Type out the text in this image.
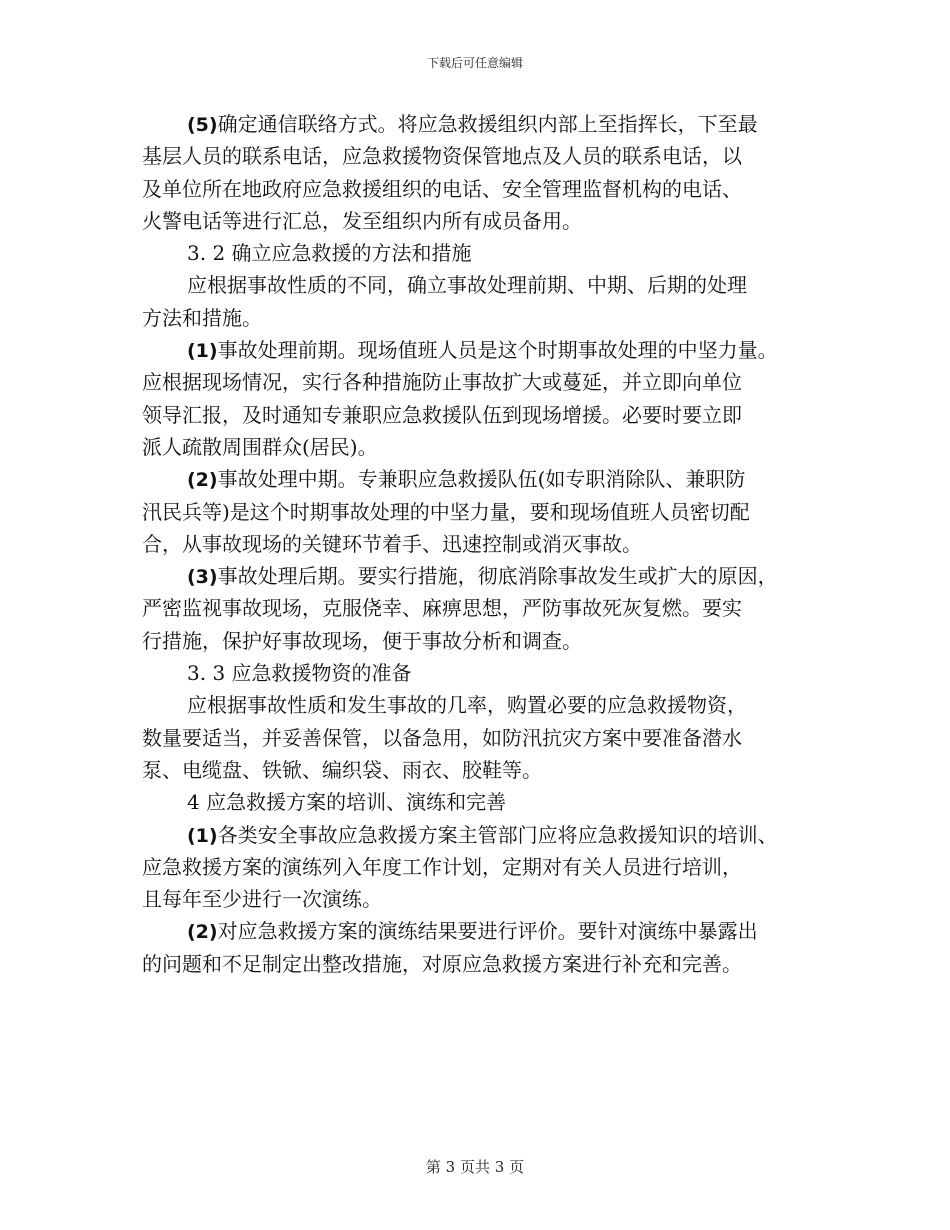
下载后可任意编辑
(5)确定通信联络方式。将应急救援组织内部上至指挥长，下至最
基层人员的联系电话，应急救援物资保管地点及人员的联系电话，以
及单位所在地政府应急救援组织的电话、安全管理监督机构的电话、
火警电话等进行汇总，发至组织内所有成员备用。
3. 2 确立应急救援的方法和措施
应根据事故性质的不同，确立事故处理前期、中期、后期的处理
方法和措施。
(1)事故处理前期。现场值班人员是这个时期事故处理的中坚力量。
应根据现场情况，实行各种措施防止事故扩大或蔓延，并立即向单位
领导汇报，及时通知专兼职应急救援队伍到现场增援。必要时要立即
派人疏散周围群众(居民)。
(2)事故处理中期。专兼职应急救援队伍(如专职消除队、兼职防
汛民兵等)是这个时期事故处理的中坚力量，要和现场值班人员密切配
合，从事故现场的关键环节着手、迅速控制或消灭事故。
(3)事故处理后期。要实行措施，彻底消除事故发生或扩大的原因，
严密监视事故现场，克服侥幸、麻痹思想，严防事故死灰复燃。要实
行措施，保护好事故现场，便于事故分析和调查。
3. 3 应急救援物资的准备
应根据事故性质和发生事故的几率，购置必要的应急救援物资，
数量要适当，并妥善保管，以备急用，如防汛抗灾方案中要准备潜水
泵、电缆盘、铁锨、编织袋、雨衣、胶鞋等。
4 应急救援方案的培训、演练和完善
(1)各类安全事故应急救援方案主管部门应将应急救援知识的培训、
应急救援方案的演练列入年度工作计划，定期对有关人员进行培训，
且每年至少进行一次演练。
(2)对应急救援方案的演练结果要进行评价。要针对演练中暴露出
的问题和不足制定出整改措施，对原应急救援方案进行补充和完善。
第 3 页共 3 页
